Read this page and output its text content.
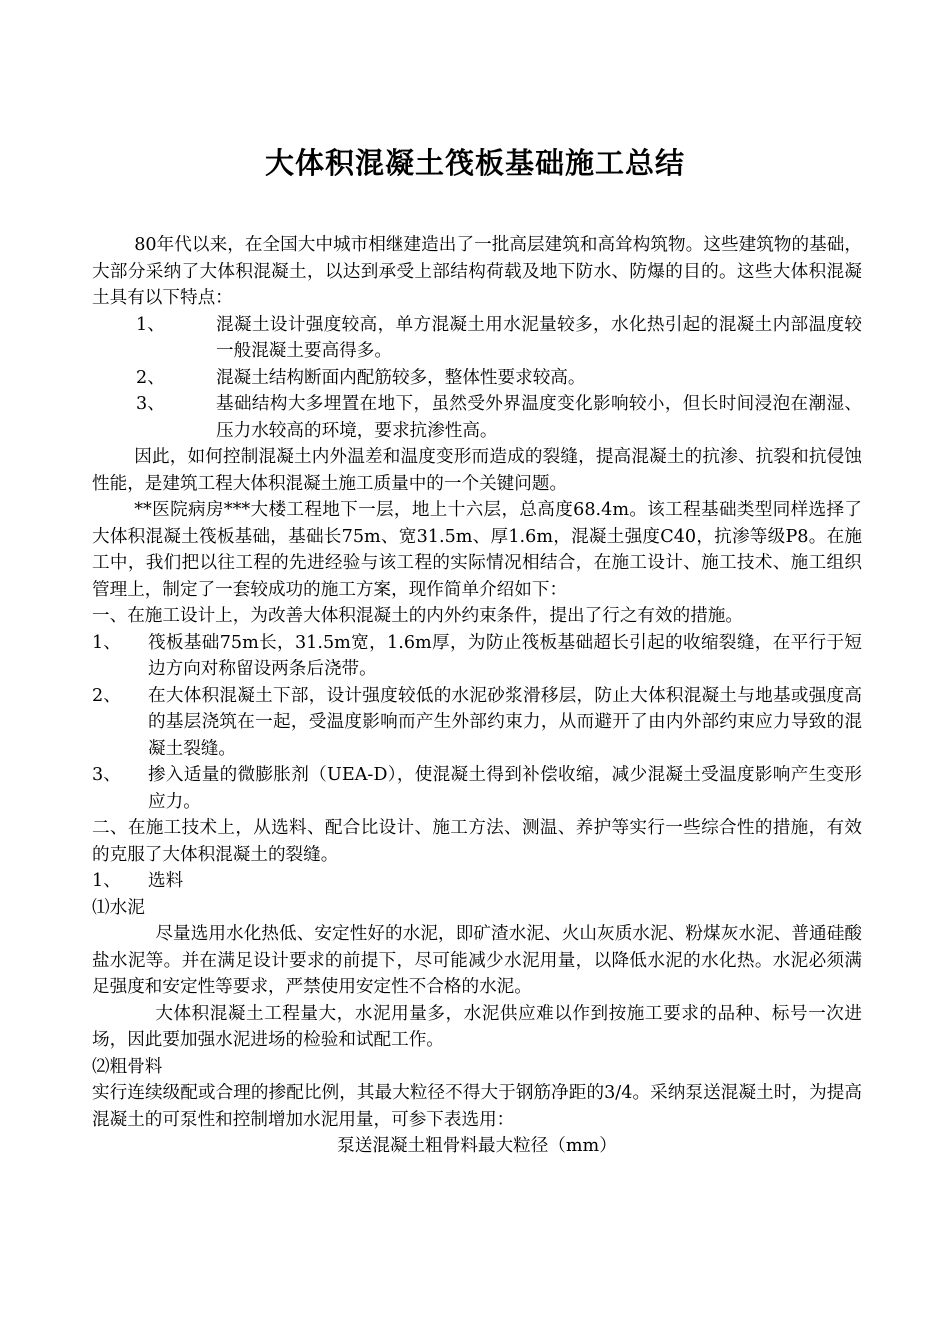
大体积混凝土筏板基础施工总结

80年代以来，在全国大中城市相继建造出了一批高层建筑和高耸构筑物。这些建筑物的基础，大部分采纳了大体积混凝土，以达到承受上部结构荷载及地下防水、防爆的目的。这些大体积混凝土具有以下特点：

1、	混凝土设计强度较高，单方混凝土用水泥量较多，水化热引起的混凝土内部温度较一般混凝土要高得多。
2、	混凝土结构断面内配筋较多，整体性要求较高。
3、	基础结构大多埋置在地下，虽然受外界温度变化影响较小，但长时间浸泡在潮湿、压力水较高的环境，要求抗渗性高。

因此，如何控制混凝土内外温差和温度变形而造成的裂缝，提高混凝土的抗渗、抗裂和抗侵蚀性能，是建筑工程大体积混凝土施工质量中的一个关键问题。

**医院病房***大楼工程地下一层，地上十六层，总高度68.4m。该工程基础类型同样选择了大体积混凝土筏板基础，基础长75m、宽31.5m、厚1.6m，混凝土强度C40，抗渗等级P8。在施工中，我们把以往工程的先进经验与该工程的实际情况相结合，在施工设计、施工技术、施工组织管理上，制定了一套较成功的施工方案，现作简单介绍如下：

一、在施工设计上，为改善大体积混凝土的内外约束条件，提出了行之有效的措施。

1、 筏板基础75m长，31.5m宽，1.6m厚，为防止筏板基础超长引起的收缩裂缝，在平行于短边方向对称留设两条后浇带。
2、 在大体积混凝土下部，设计强度较低的水泥砂浆滑移层，防止大体积混凝土与地基或强度高的基层浇筑在一起，受温度影响而产生外部约束力，从而避开了由内外部约束应力导致的混凝土裂缝。
3、 掺入适量的微膨胀剂（UEA-D），使混凝土得到补偿收缩，减少混凝土受温度影响产生变形应力。

二、在施工技术上，从选料、配合比设计、施工方法、测温、养护等实行一些综合性的措施，有效的克服了大体积混凝土的裂缝。

1、 选料

⑴水泥

尽量选用水化热低、安定性好的水泥，即矿渣水泥、火山灰质水泥、粉煤灰水泥、普通硅酸盐水泥等。并在满足设计要求的前提下，尽可能减少水泥用量，以降低水泥的水化热。水泥必须满足强度和安定性等要求，严禁使用安定性不合格的水泥。

大体积混凝土工程量大，水泥用量多，水泥供应难以作到按施工要求的品种、标号一次进场，因此要加强水泥进场的检验和试配工作。

⑵粗骨料

实行连续级配或合理的掺配比例，其最大粒径不得大于钢筋净距的3/4。采纳泵送混凝土时，为提高混凝土的可泵性和控制增加水泥用量，可参下表选用：

泵送混凝土粗骨料最大粒径（mm）
